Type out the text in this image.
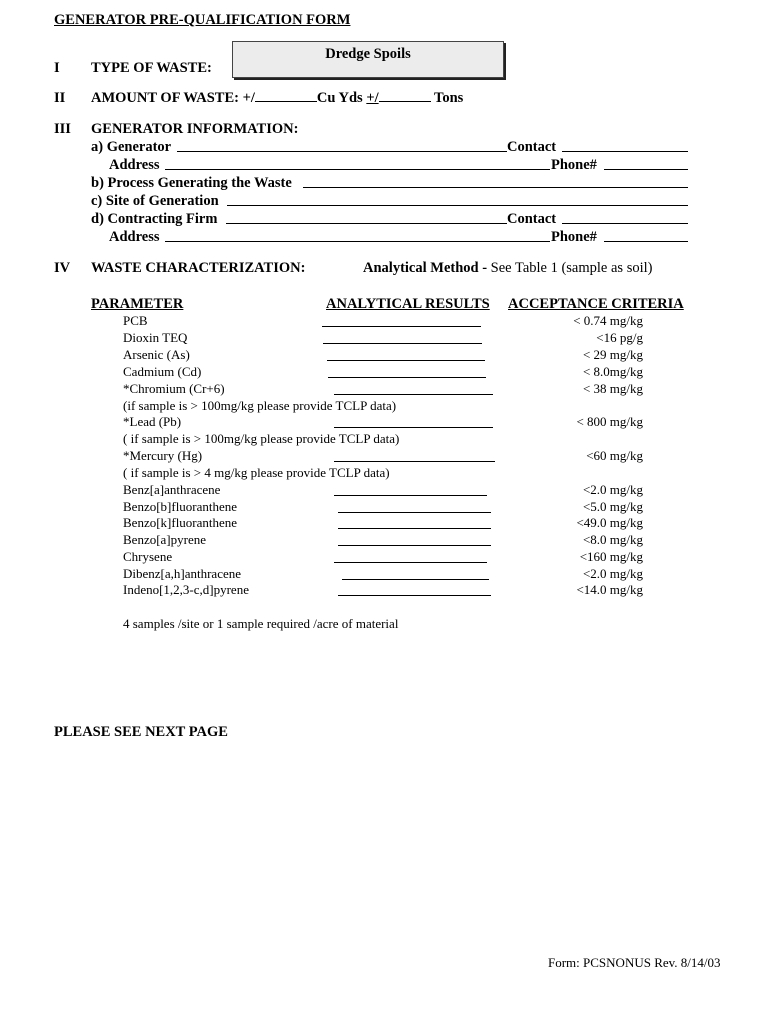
GENERATOR PRE-QUALIFICATION FORM
I TYPE OF WASTE:
Dredge Spoils
II AMOUNT OF WASTE: +/	Cu Yds +/	Tons
III GENERATOR INFORMATION:
a) Generator	Contact
Address	Phone#
b) Process Generating the Waste
c) Site of Generation
d) Contracting Firm	Contact
Address	Phone#
IV WASTE CHARACTERIZATION:	Analytical Method - See Table 1 (sample as soil)
PARAMETER	ANALYTICAL RESULTS ACCEPTANCE CRITERIA
PCB	< 0.74 mg/kg
Dioxin TEQ	<16 pg/g
Arsenic (As)	< 29 mg/kg
Cadmium (Cd)	< 8.0mg/kg
*Chromium (Cr+6)	< 38 mg/kg
(if sample is > 100mg/kg please provide TCLP data)
*Lead (Pb)	< 800 mg/kg
( if sample is > 100mg/kg please provide TCLP data)
*Mercury (Hg)	<60 mg/kg
( if sample is > 4 mg/kg please provide TCLP data)
Benz[a]anthracene	<2.0 mg/kg
Benzo[b]fluoranthene	<5.0 mg/kg
Benzo[k]fluoranthene	<49.0 mg/kg
Benzo[a]pyrene	<8.0 mg/kg
Chrysene	<160 mg/kg
Dibenz[a,h]anthracene	<2.0 mg/kg
Indeno[1,2,3-c,d]pyrene	<14.0 mg/kg
4 samples /site or 1 sample required /acre of material
PLEASE SEE NEXT PAGE
Form: PCSNONUS Rev. 8/14/03
